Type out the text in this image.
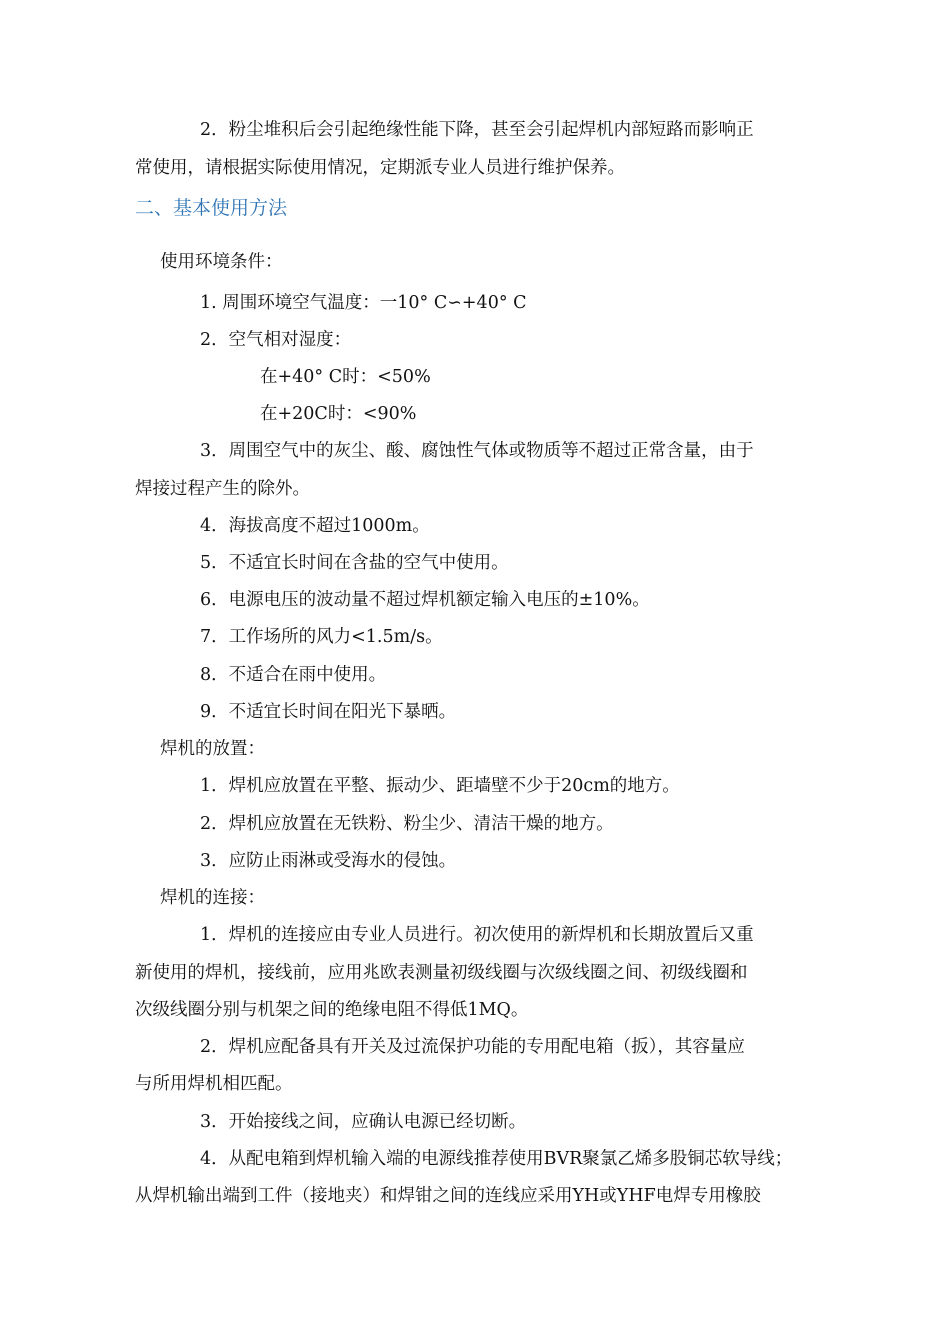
2．粉尘堆积后会引起绝缘性能下降，甚至会引起焊机内部短路而影响正
常使用，请根据实际使用情况，定期派专业人员进行维护保养。
二、基本使用方法
使用环境条件：
1. 周围环境空气温度：一10° C∽+40° C
2．空气相对湿度：
在+40° C时：<50%
在+20C时：<90%
3．周围空气中的灰尘、酸、腐蚀性气体或物质等不超过正常含量，由于
焊接过程产生的除外。
4．海拔高度不超过1000m。
5．不适宜长时间在含盐的空气中使用。
6．电源电压的波动量不超过焊机额定输入电压的±10%。
7．工作场所的风力<1.5m/s。
8．不适合在雨中使用。
9．不适宜长时间在阳光下暴晒。
焊机的放置：
1．焊机应放置在平整、振动少、距墙壁不少于20cm的地方。
2．焊机应放置在无铁粉、粉尘少、清洁干燥的地方。
3．应防止雨淋或受海水的侵蚀。
焊机的连接：
1．焊机的连接应由专业人员进行。初次使用的新焊机和长期放置后又重
新使用的焊机，接线前，应用兆欧表测量初级线圈与次级线圈之间、初级线圈和
次级线圈分别与机架之间的绝缘电阻不得低1MQ。
2．焊机应配备具有开关及过流保护功能的专用配电箱（扳），其容量应
与所用焊机相匹配。
3．开始接线之间，应确认电源已经切断。
4．从配电箱到焊机输入端的电源线推荐使用BVR聚氯乙烯多股铜芯软导线；
从焊机输出端到工件（接地夹）和焊钳之间的连线应采用YH或YHF电焊专用橡胶
